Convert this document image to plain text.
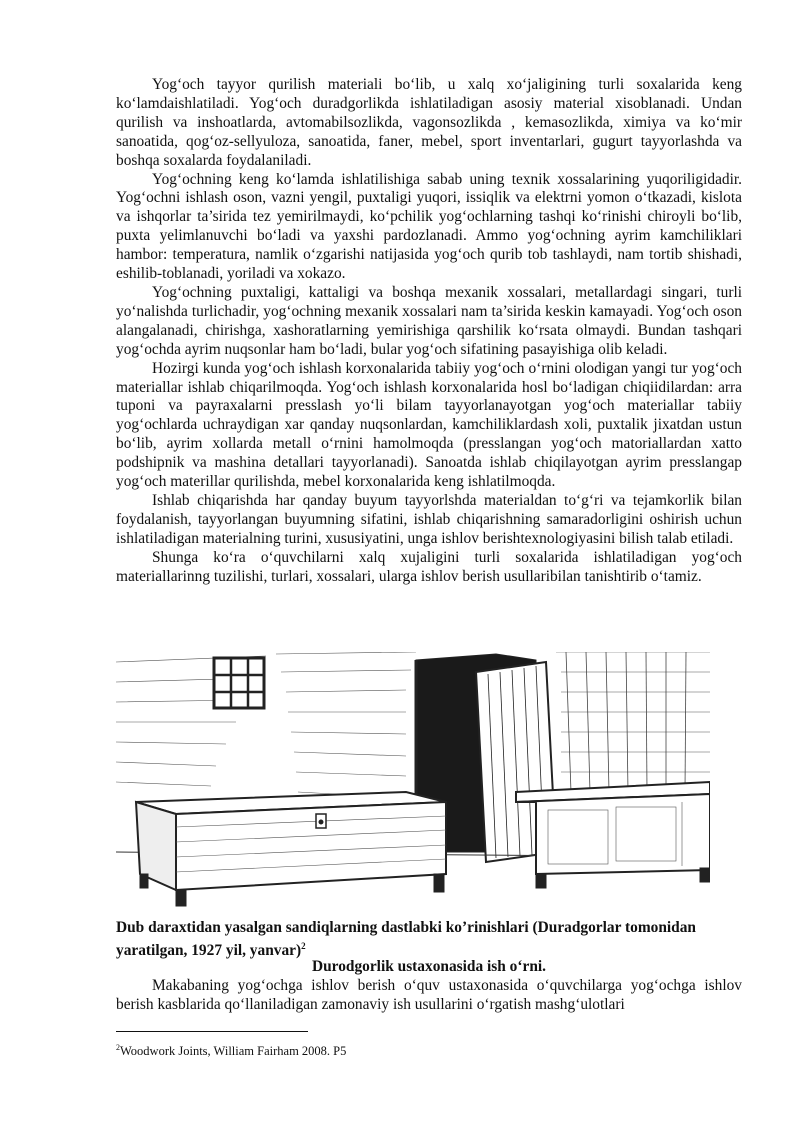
Yog‘och tayyor qurilish materiali bo‘lib, u xalq xo‘jaligining turli soxalarida keng ko‘lamdaishlatiladi. Yog‘och duradgorlikda ishlatiladigan asosiy material xisoblanadi. Undan qurilish va inshoatlarda, avtomabilsozlikda, vagonsozlikda , kemasozlikda, ximiya va ko‘mir sanoatida, qog‘oz-sellyuloza, sanoatida, faner, mebel, sport inventarlari, gugurt tayyorlashda va boshqa soxalarda foydalaniladi.

Yog‘ochning keng ko‘lamda ishlatilishiga sabab uning texnik xossalarining yuqoriligidadir. Yog‘ochni ishlash oson, vazni yengil, puxtaligi yuqori, issiqlik va elektrni yomon o‘tkazadi, kislota va ishqorlar ta’sirida tez yemirilmaydi, ko‘pchilik yog‘ochlarning tashqi ko‘rinishi chiroyli bo‘lib, puxta yelimlanuvchi bo‘ladi va yaxshi pardozlanadi. Ammo yog‘ochning ayrim kamchiliklari hambor: temperatura, namlik o‘zgarishi natijasida yog‘och qurib tob tashlaydi, nam tortib shishadi, eshilib-toblanadi, yoriladi va xokazo.

Yog‘ochning puxtaligi, kattaligi va boshqa mexanik xossalari, metallardagi singari, turli yo‘nalishda turlichadir, yog‘ochning mexanik xossalari nam ta’sirida keskin kamayadi. Yog‘och oson alangalanadi, chirishga, xashoratlarning yemirishiga qarshilik ko‘rsata olmaydi. Bundan tashqari yog‘ochda ayrim nuqsonlar ham bo‘ladi, bular yog‘och sifatining pasayishiga olib keladi.

Hozirgi kunda yog‘och ishlash korxonalarida tabiiy yog‘och o‘rnini olodigan yangi tur yog‘och materiallar ishlab chiqarilmoqda. Yog‘och ishlash korxonalarida hosl bo‘ladigan chiqiidilardan: arra tuponi va payraxalarni presslash yo‘li bilam tayyorlanayotgan yog‘och materiallar tabiiy yog‘ochlarda uchraydigan xar qanday nuqsonlardan, kamchiliklardash xoli, puxtalik jixatdan ustun bo‘lib, ayrim xollarda metall o‘rnini hamolmoqda (presslangan yog‘och matoriallardan xatto podshipnik va mashina detallari tayyorlanadi). Sanoatda ishlab chiqilayotgan ayrim presslangap yog‘och materillar qurilishda, mebel korxonalarida keng ishlatilmoqda.

Ishlab chiqarishda har qanday buyum tayyorlshda materialdan to‘g‘ri va tejamkorlik bilan foydalanish, tayyorlangan buyumning sifatini, ishlab chiqarishning samaradorligini oshirish uchun ishlatiladigan materialning turini, xususiyatini, unga ishlov berishtexnologiyasini bilish talab etiladi.

Shunga ko‘ra o‘quvchilarni xalq xujaligini turli soxalarida ishlatiladigan yog‘och materiallarinng tuzilishi, turlari, xossalari, ularga ishlov berish usullaribilan tanishtirib o‘tamiz.

Dub daraxtidan yasalgan sandiqlarning dastlabki ko’rinishlari (Duradgorlar tomonidan yaratilgan, 1927 yil, yanvar)$^2$
Durodgorlik ustaxonasida ish o‘rni.

Makabaning yog‘ochga ishlov berish o‘quv ustaxonasida o‘quvchilarga yog‘ochga ishlov berish kasblarida qo‘llaniladigan zamonaviy ish usullarini o‘rgatish mashg‘ulotlari

$^2$Woodwork Joints, William Fairham 2008. P5
